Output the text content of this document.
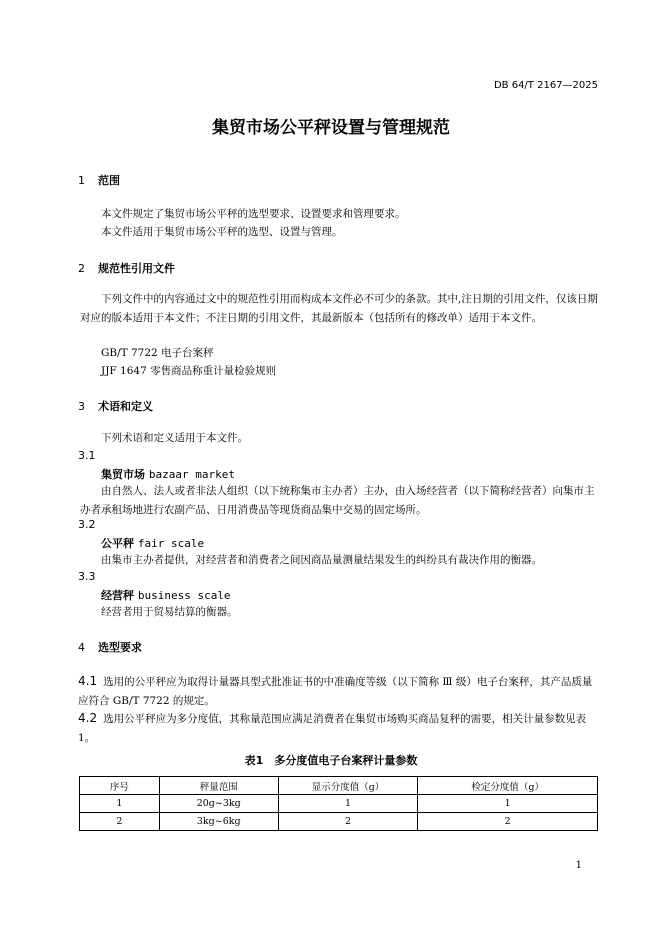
DB 64/T 2167—2025
集贸市场公平秤设置与管理规范
1 范围
本文件规定了集贸市场公平秤的选型要求、设置要求和管理要求。
本文件适用于集贸市场公平秤的选型、设置与管理。
2 规范性引用文件
下列文件中的内容通过文中的规范性引用而构成本文件必不可少的条款。其中,注日期的引用文件，仅该日期对应的版本适用于本文件；不注日期的引用文件，其最新版本（包括所有的修改单）适用于本文件。
GB/T 7722 电子台案秤
JJF 1647 零售商品称重计量检验规则
3 术语和定义
下列术语和定义适用于本文件。
3.1
集贸市场 bazaar market
由自然人、法人或者非法人组织（以下统称集市主办者）主办，由入场经营者（以下简称经营者）向集市主办者承租场地进行农副产品、日用消费品等现货商品集中交易的固定场所。
3.2
公平秤 fair scale
由集市主办者提供，对经营者和消费者之间因商品量测量结果发生的纠纷具有裁决作用的衡器。
3.3
经营秤 business scale
经营者用于贸易结算的衡器。
4 选型要求
4.1 选用的公平秤应为取得计量器具型式批准证书的中准确度等级（以下简称 Ⅲ 级）电子台案秤，其产品质量应符合 GB/T 7722 的规定。
4.2 选用公平秤应为多分度值，其称量范围应满足消费者在集贸市场购买商品复秤的需要，相关计量参数见表 1。
表1　多分度值电子台案秤计量参数
序号	秤量范围	显示分度值（g）	检定分度值（g）
1	20g~3kg	1	1
2	3kg~6kg	2	2
1
